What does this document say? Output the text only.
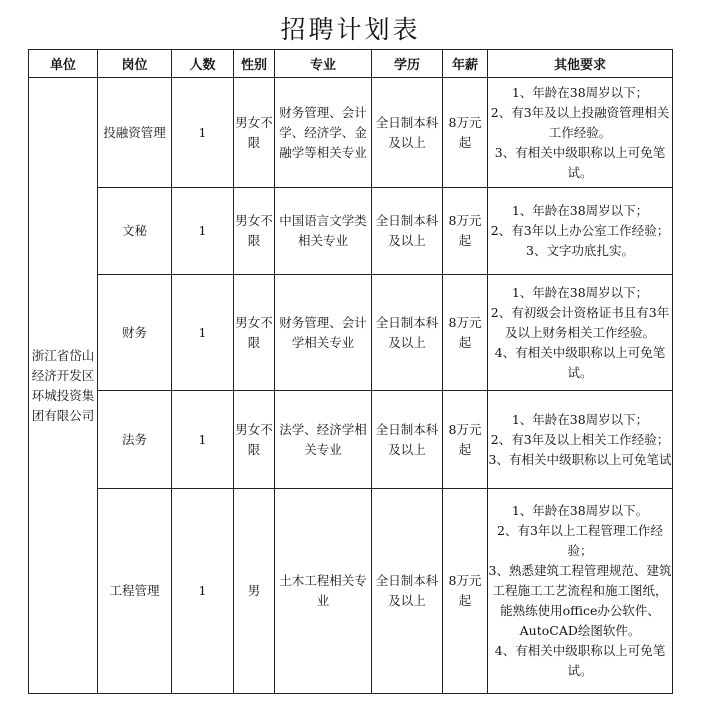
招聘计划表
单位	岗位	人数	性别	专业	学历	年薪	其他要求
浙江省岱山经济开发区环城投资集团有限公司	投融资管理	1	男女不限	财务管理、会计学、经济学、金融学等相关专业	全日制本科及以上	8万元起	1、年龄在38周岁以下；
2、有3年及以上投融资管理相关工作经验。
3、有相关中级职称以上可免笔试。

	文秘	1	男女不限	中国语言文学类相关专业	全日制本科及以上	8万元起	1、年龄在38周岁以下；
2、有3年以上办公室工作经验；
3、文字功底扎实。

	财务	1	男女不限	财务管理、会计学相关专业	全日制本科及以上	8万元起	1、年龄在38周岁以下；
2、有初级会计资格证书且有3年及以上财务相关工作经验。
4、有相关中级职称以上可免笔试。

	法务	1	男女不限	法学、经济学相关专业	全日制本科及以上	8万元起	1、年龄在38周岁以下；
2、有3年及以上相关工作经验；
3、有相关中级职称以上可免笔试

	工程管理	1	男	土木工程相关专业	全日制本科及以上	8万元起	1、年龄在38周岁以下。
2、有3年以上工程管理工作经验；
3、熟悉建筑工程管理规范、建筑工程施工工艺流程和施工图纸，能熟练使用office办公软件、AutoCAD绘图软件。
4、有相关中级职称以上可免笔试。
